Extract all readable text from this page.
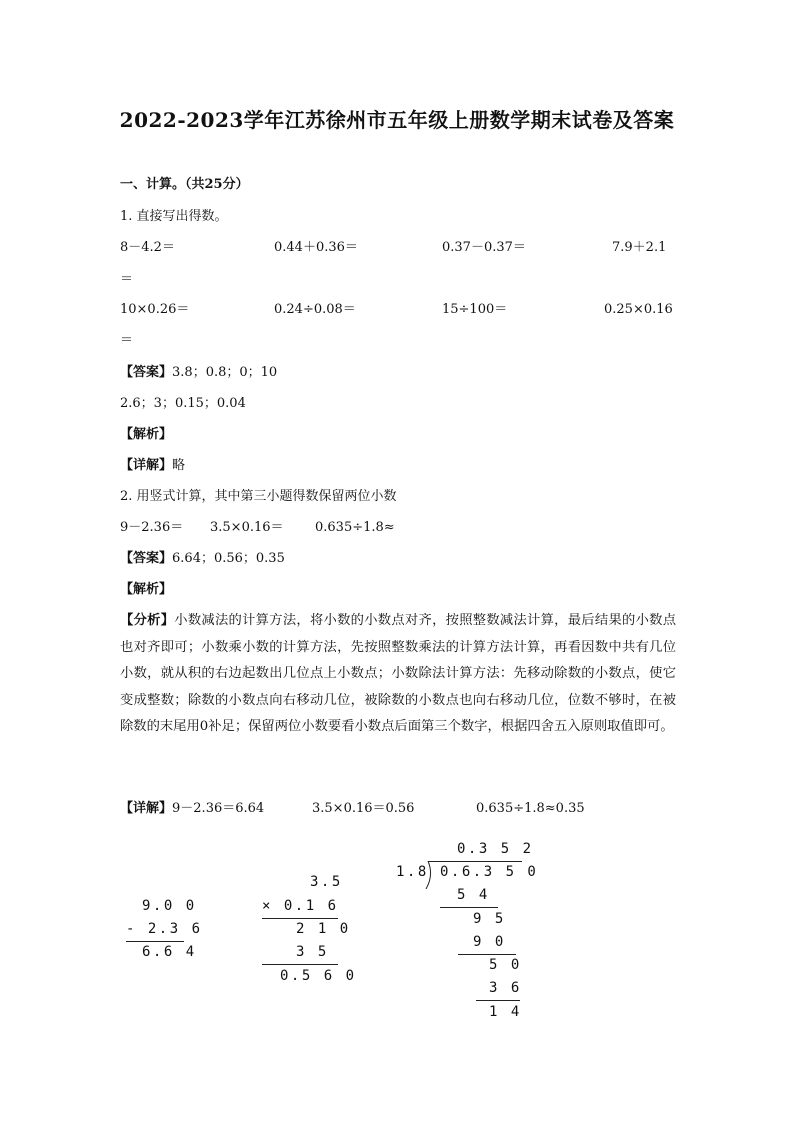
2022-2023学年江苏徐州市五年级上册数学期末试卷及答案
一、计算。（共25分）
1. 直接写出得数。
8－4.2＝	0.44＋0.36＝	0.37－0.37＝	7.9＋2.1
＝
10×0.26＝	0.24÷0.08＝	15÷100＝	0.25×0.16
＝
【答案】3.8；0.8；0；10
2.6；3；0.15；0.04
【解析】
【详解】略
2. 用竖式计算，其中第三小题得数保留两位小数
9－2.36＝ 3.5×0.16＝ 0.635÷1.8≈
【答案】6.64；0.56；0.35
【解析】
【分析】小数减法的计算方法，将小数的小数点对齐，按照整数减法计算，最后结果的小数点也对齐即可；小数乘小数的计算方法，先按照整数乘法的计算方法计算，再看因数中共有几位小数，就从积的右边起数出几位点上小数点；小数除法计算方法：先移动除数的小数点，使它变成整数；除数的小数点向右移动几位，被除数的小数点也向右移动几位，位数不够时，在被除数的末尾用0补足；保留两位小数要看小数点后面第三个数字，根据四舍五入原则取值即可。
【详解】9－2.36＝6.64	3.5×0.16＝0.56	0.635÷1.8≈0.35
9.0 0
- 2.3 6
6.6 4
3.5
× 0.1 6
2 1 0
3 5
0.5 6 0
0.3 5 2
1.8 0.6.3 5 0
5 4
9 5
9 0
5 0
3 6
1 4
